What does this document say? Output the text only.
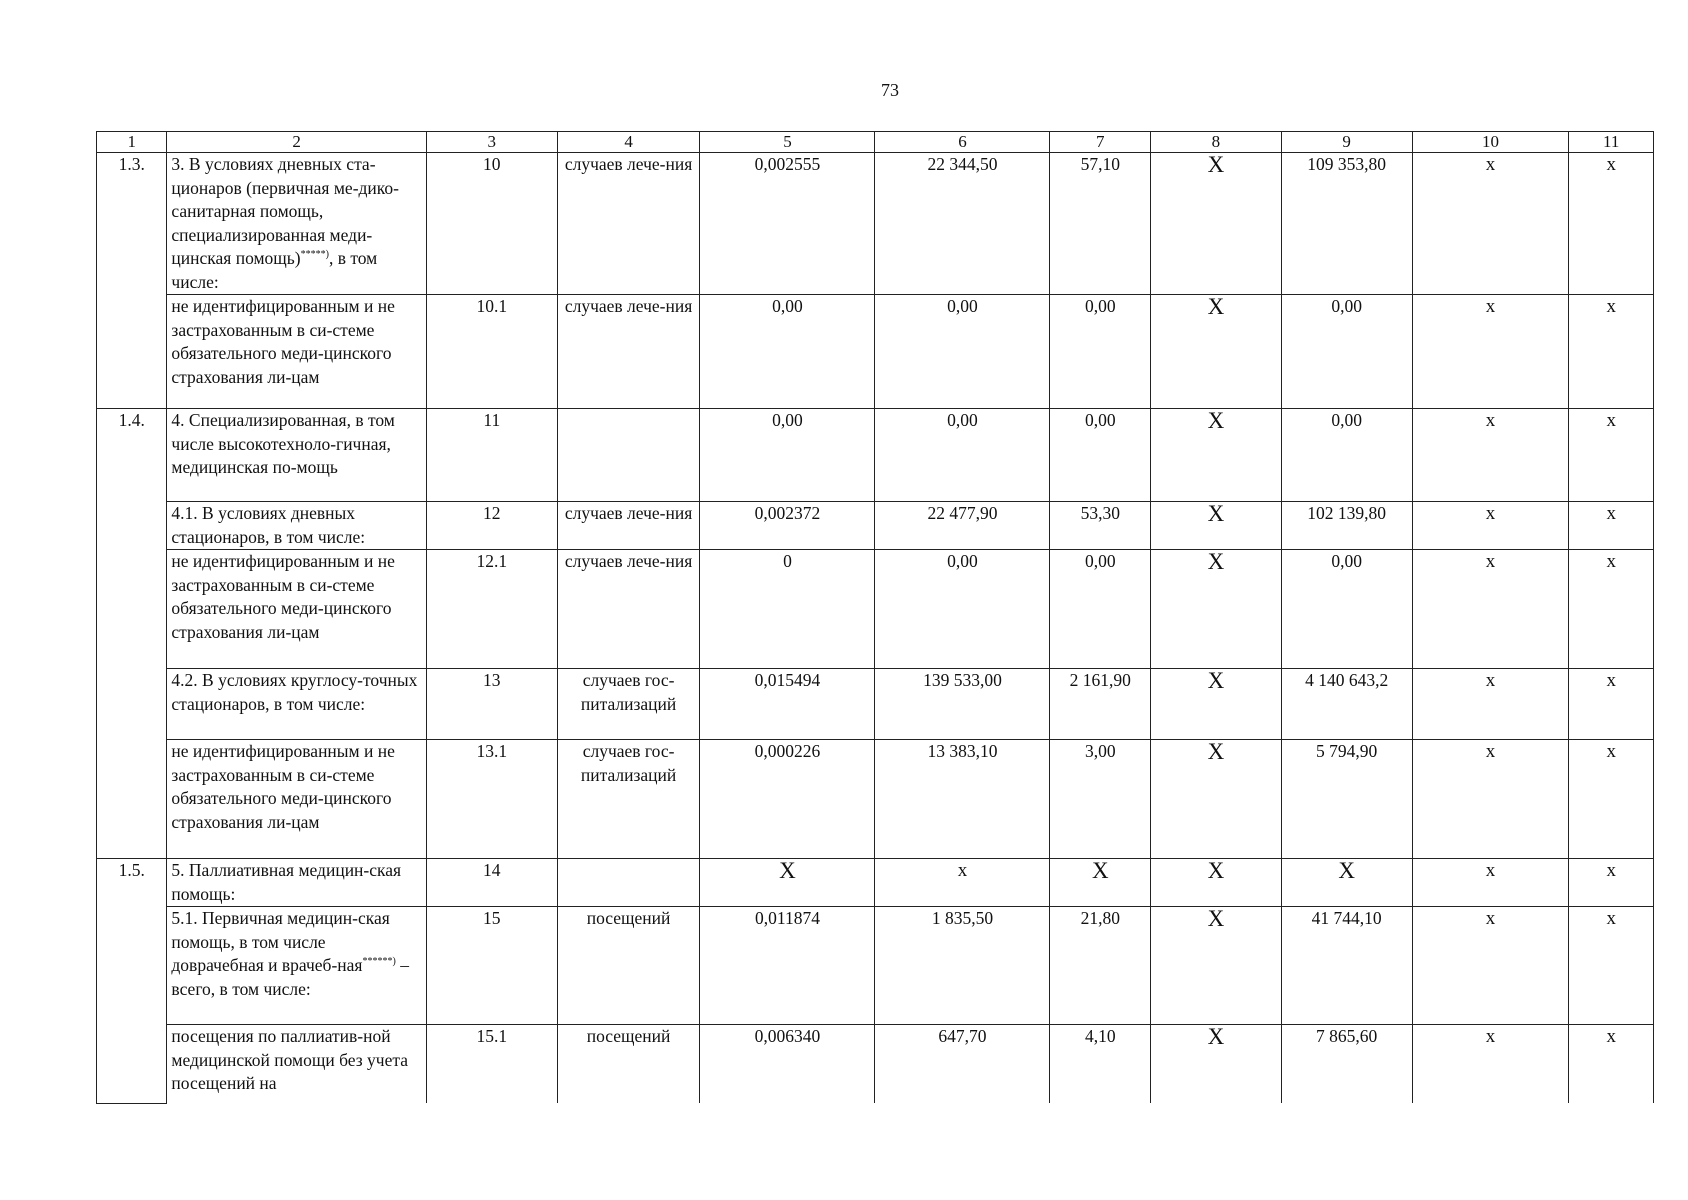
73
1	2	3	4	5	6	7	8	9	10	11
1.3.	3. В условиях дневных ста-ционаров (первичная ме-дико-санитарная помощь, специализированная меди-цинская помощь)*****), в том числе:	10	случаев лече-ния	0,002555	22 344,50	57,10	X	109 353,80	x	x
	не идентифицированным и не застрахованным в си-стеме обязательного меди-цинского страхования ли-цам	10.1	случаев лече-ния	0,00	0,00	0,00	X	0,00	x	x
1.4.	4. Специализированная, в том числе высокотехноло-гичная, медицинская по-мощь	11		0,00	0,00	0,00	X	0,00	x	x
	4.1. В условиях дневных стационаров, в том числе:	12	случаев лече-ния	0,002372	22 477,90	53,30	X	102 139,80	x	x
	не идентифицированным и не застрахованным в си-стеме обязательного меди-цинского страхования ли-цам	12.1	случаев лече-ния	0	0,00	0,00	X	0,00	x	x
	4.2. В условиях круглосу-точных стационаров, в том числе:	13	случаев гос-питализаций	0,015494	139 533,00	2 161,90	X	4 140 643,2	x	x
	не идентифицированным и не застрахованным в си-стеме обязательного меди-цинского страхования ли-цам	13.1	случаев гос-питализаций	0,000226	13 383,10	3,00	X	5 794,90	x	x
1.5.	5. Паллиативная медицин-ская помощь:	14		X	x	X	X	X	x	x
	5.1. Первичная медицин-ская помощь, в том числе доврачебная и врачеб-ная******) – всего, в том числе:	15	посещений	0,011874	1 835,50	21,80	X	41 744,10	x	x
	посещения по паллиатив-ной медицинской помощи без учета посещений на	15.1	посещений	0,006340	647,70	4,10	X	7 865,60	x	x
